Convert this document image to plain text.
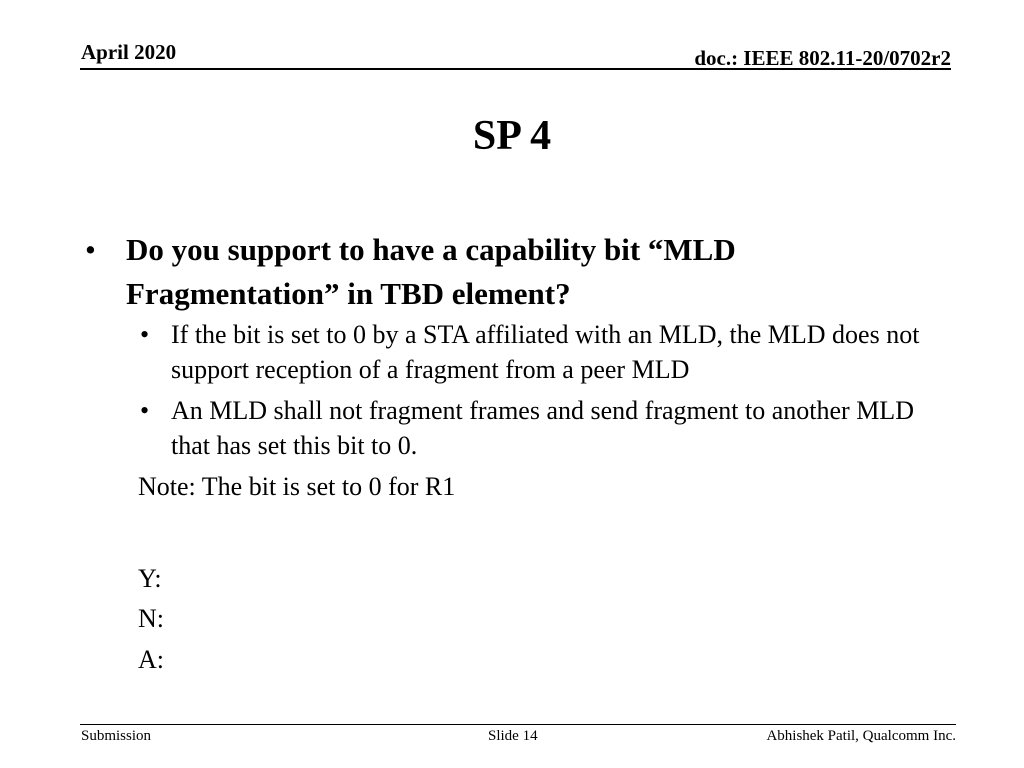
April 2020	doc.: IEEE 802.11-20/0702r2
SP 4
• Do you support to have a capability bit “MLD Fragmentation” in TBD element?
• If the bit is set to 0 by a STA affiliated with an MLD, the MLD does not support reception of a fragment from a peer MLD
• An MLD shall not fragment frames and send fragment to another MLD that has set this bit to 0.
Note: The bit is set to 0 for R1
Y:
N:
A:
Submission	Slide 14	Abhishek Patil, Qualcomm Inc.
